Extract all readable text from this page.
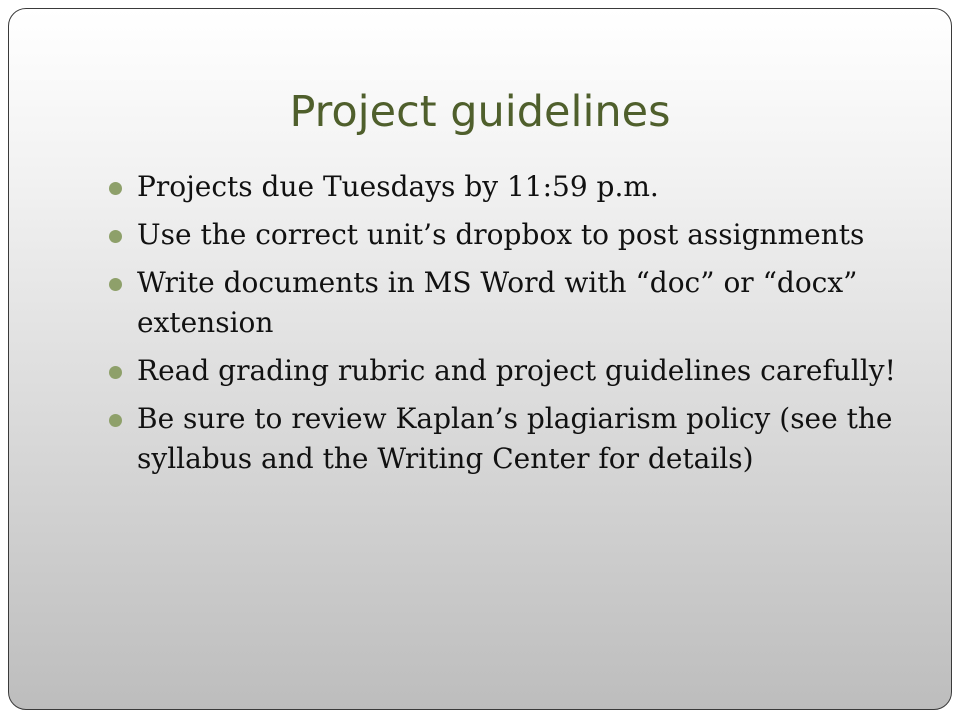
Project guidelines
Projects due Tuesdays by 11:59 p.m.
Use the correct unit’s dropbox to post assignments
Write documents in MS Word with “doc” or “docx” extension
Read grading rubric and project guidelines carefully!
Be sure to review Kaplan’s plagiarism policy (see the syllabus and the Writing Center for details)
